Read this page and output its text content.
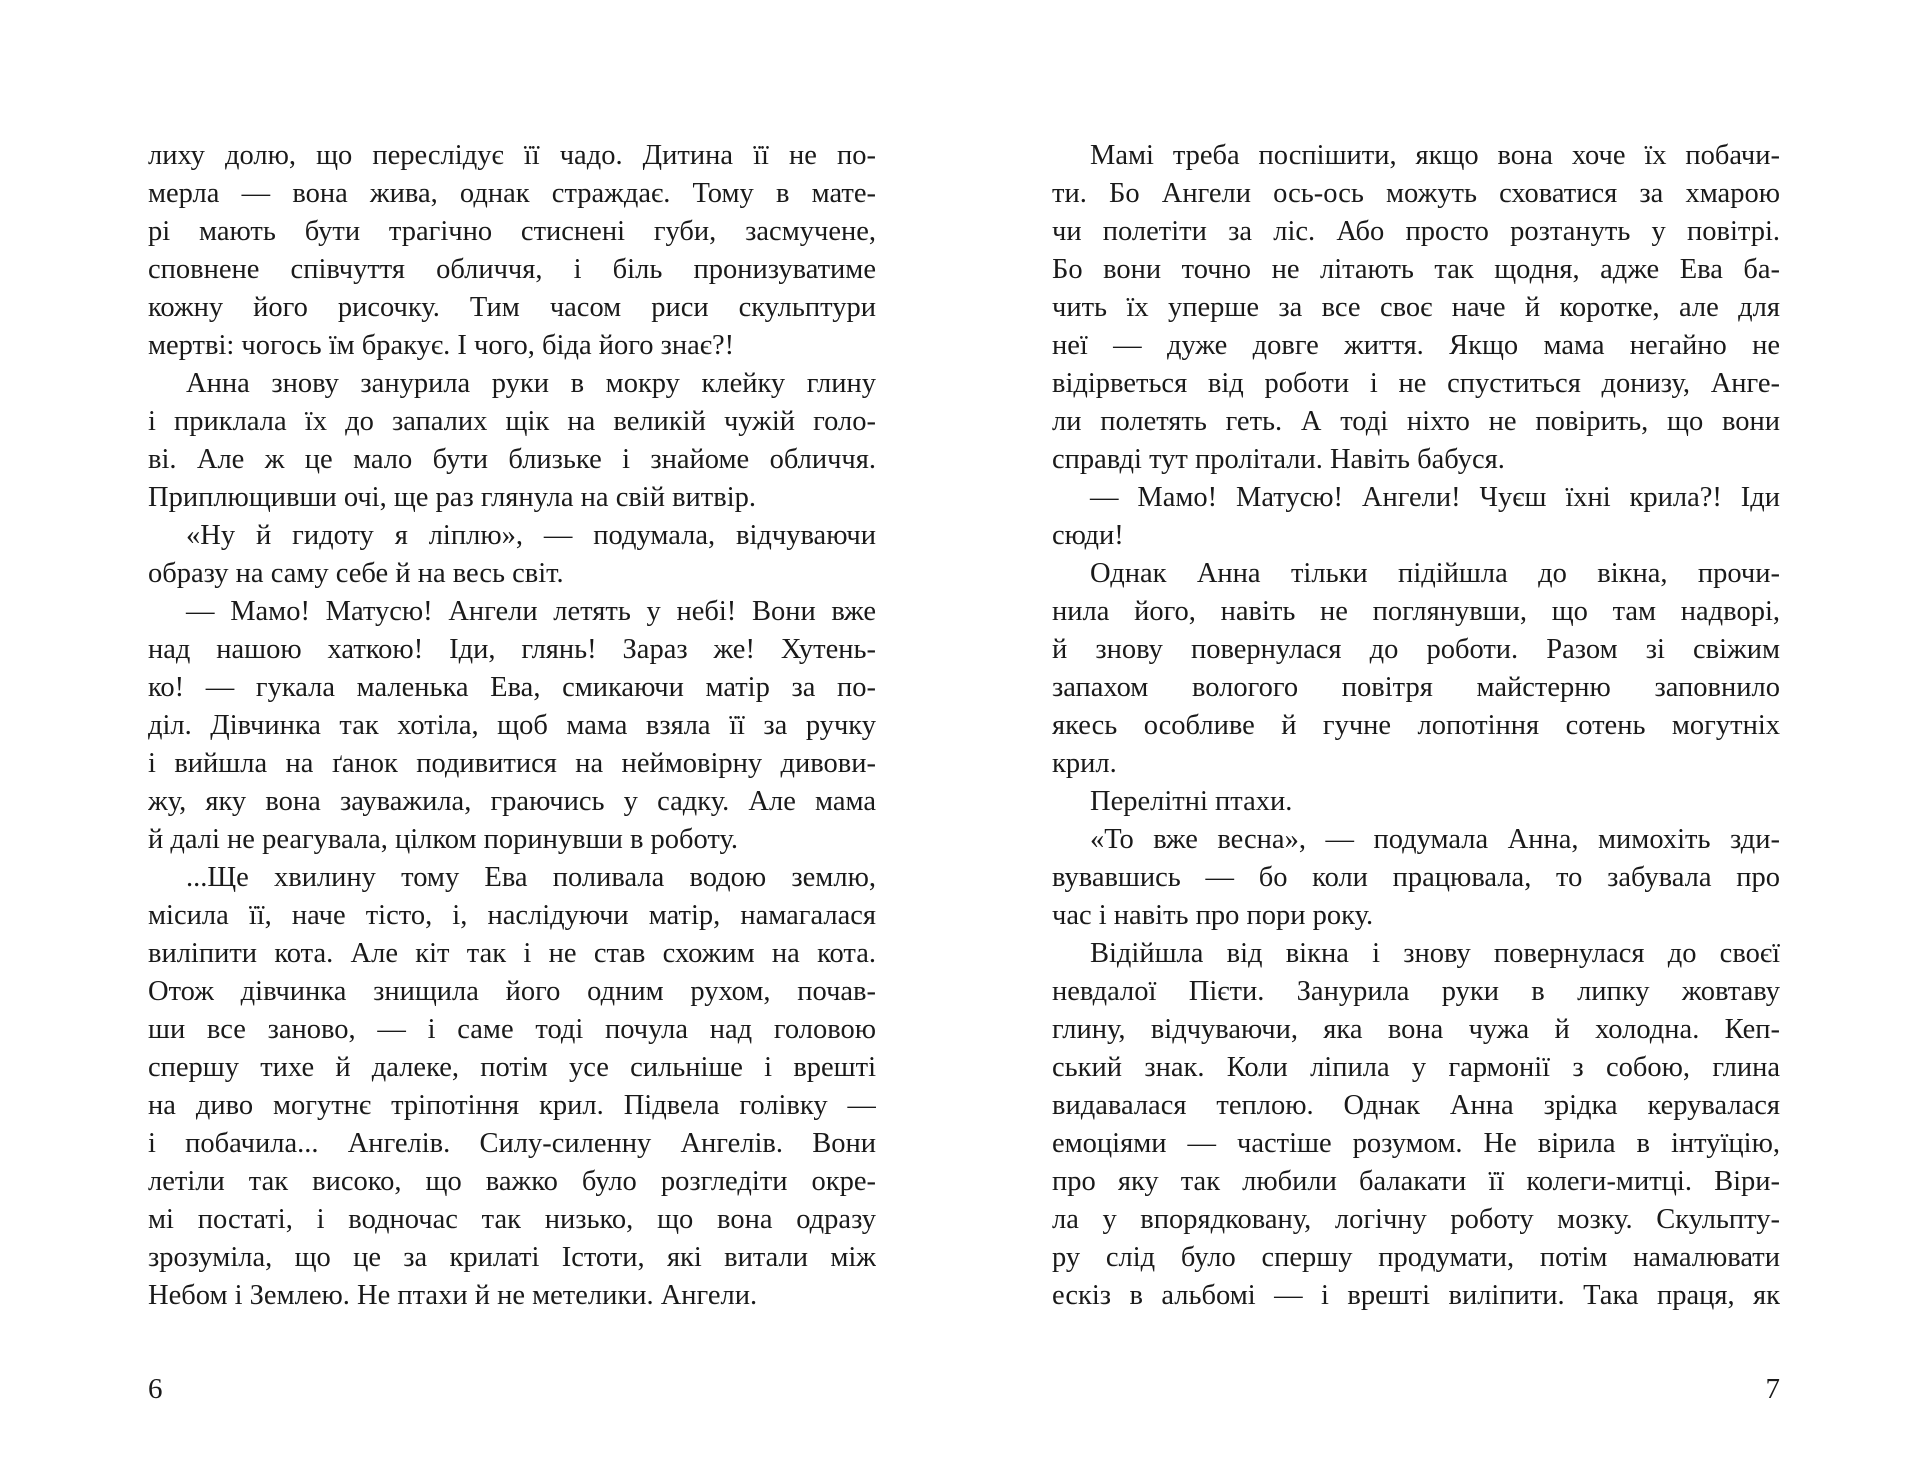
лиху долю, що переслідує її чадо. Дитина її не по-
мерла — вона жива, однак страждає. Тому в мате-
рі мають бути трагічно стиснені губи, засмучене,
сповнене співчуття обличчя, і біль пронизуватиме
кожну його рисочку. Тим часом риси скульптури
мертві: чогось їм бракує. І чого, біда його знає?!
Анна знову занурила руки в мокру клейку глину
і приклала їх до запалих щік на великій чужій голо-
ві. Але ж це мало бути близьке і знайоме обличчя.
Приплющивши очі, ще раз глянула на свій витвір.
«Ну й гидоту я ліплю», — подумала, відчуваючи
образу на саму себе й на весь світ.
— Мамо! Матусю! Ангели летять у небі! Вони вже
над нашою хаткою! Іди, глянь! Зараз же! Хутень-
ко! — гукала маленька Ева, смикаючи матір за по-
діл. Дівчинка так хотіла, щоб мама взяла її за ручку
і вийшла на ґанок подивитися на неймовірну дивови-
жу, яку вона зауважила, граючись у садку. Але мама
й далі не реагувала, цілком поринувши в роботу.
...Ще хвилину тому Ева поливала водою землю,
місила її, наче тісто, і, наслідуючи матір, намагалася
виліпити кота. Але кіт так і не став схожим на кота.
Отож дівчинка знищила його одним рухом, почав-
ши все заново, — і саме тоді почула над головою
спершу тихе й далеке, потім усе сильніше і врешті
на диво могутнє тріпотіння крил. Підвела голівку —
і побачила... Ангелів. Силу-силенну Ангелів. Вони
летіли так високо, що важко було розгледіти окре-
мі постаті, і водночас так низько, що вона одразу
зрозуміла, що це за крилаті Істоти, які витали між
Небом і Землею. Не птахи й не метелики. Ангели.
6
Мамі треба поспішити, якщо вона хоче їх побачи-
ти. Бо Ангели ось-ось можуть сховатися за хмарою
чи полетіти за ліс. Або просто розтануть у повітрі.
Бо вони точно не літають так щодня, адже Ева ба-
чить їх уперше за все своє наче й коротке, але для
неї — дуже довге життя. Якщо мама негайно не
відірветься від роботи і не спуститься донизу, Анге-
ли полетять геть. А тоді ніхто не повірить, що вони
справді тут пролітали. Навіть бабуся.
— Мамо! Матусю! Ангели! Чуєш їхні крила?! Іди
сюди!
Однак Анна тільки підійшла до вікна, прочи-
нила його, навіть не поглянувши, що там надворі,
й знову повернулася до роботи. Разом зі свіжим
запахом вологого повітря майстерню заповнило
якесь особливе й гучне лопотіння сотень могутніх
крил.
Перелітні птахи.
«То вже весна», — подумала Анна, мимохіть зди-
вувавшись — бо коли працювала, то забувала про
час і навіть про пори року.
Відійшла від вікна і знову повернулася до своєї
невдалої Пієти. Занурила руки в липку жовтаву
глину, відчуваючи, яка вона чужа й холодна. Кеп-
ський знак. Коли ліпила у гармонії з собою, глина
видавалася теплою. Однак Анна зрідка керувалася
емоціями — частіше розумом. Не вірила в інтуїцію,
про яку так любили балакати її колеги-митці. Віри-
ла у впорядковану, логічну роботу мозку. Скульпту-
ру слід було спершу продумати, потім намалювати
ескіз в альбомі — і врешті виліпити. Така праця, як
7
